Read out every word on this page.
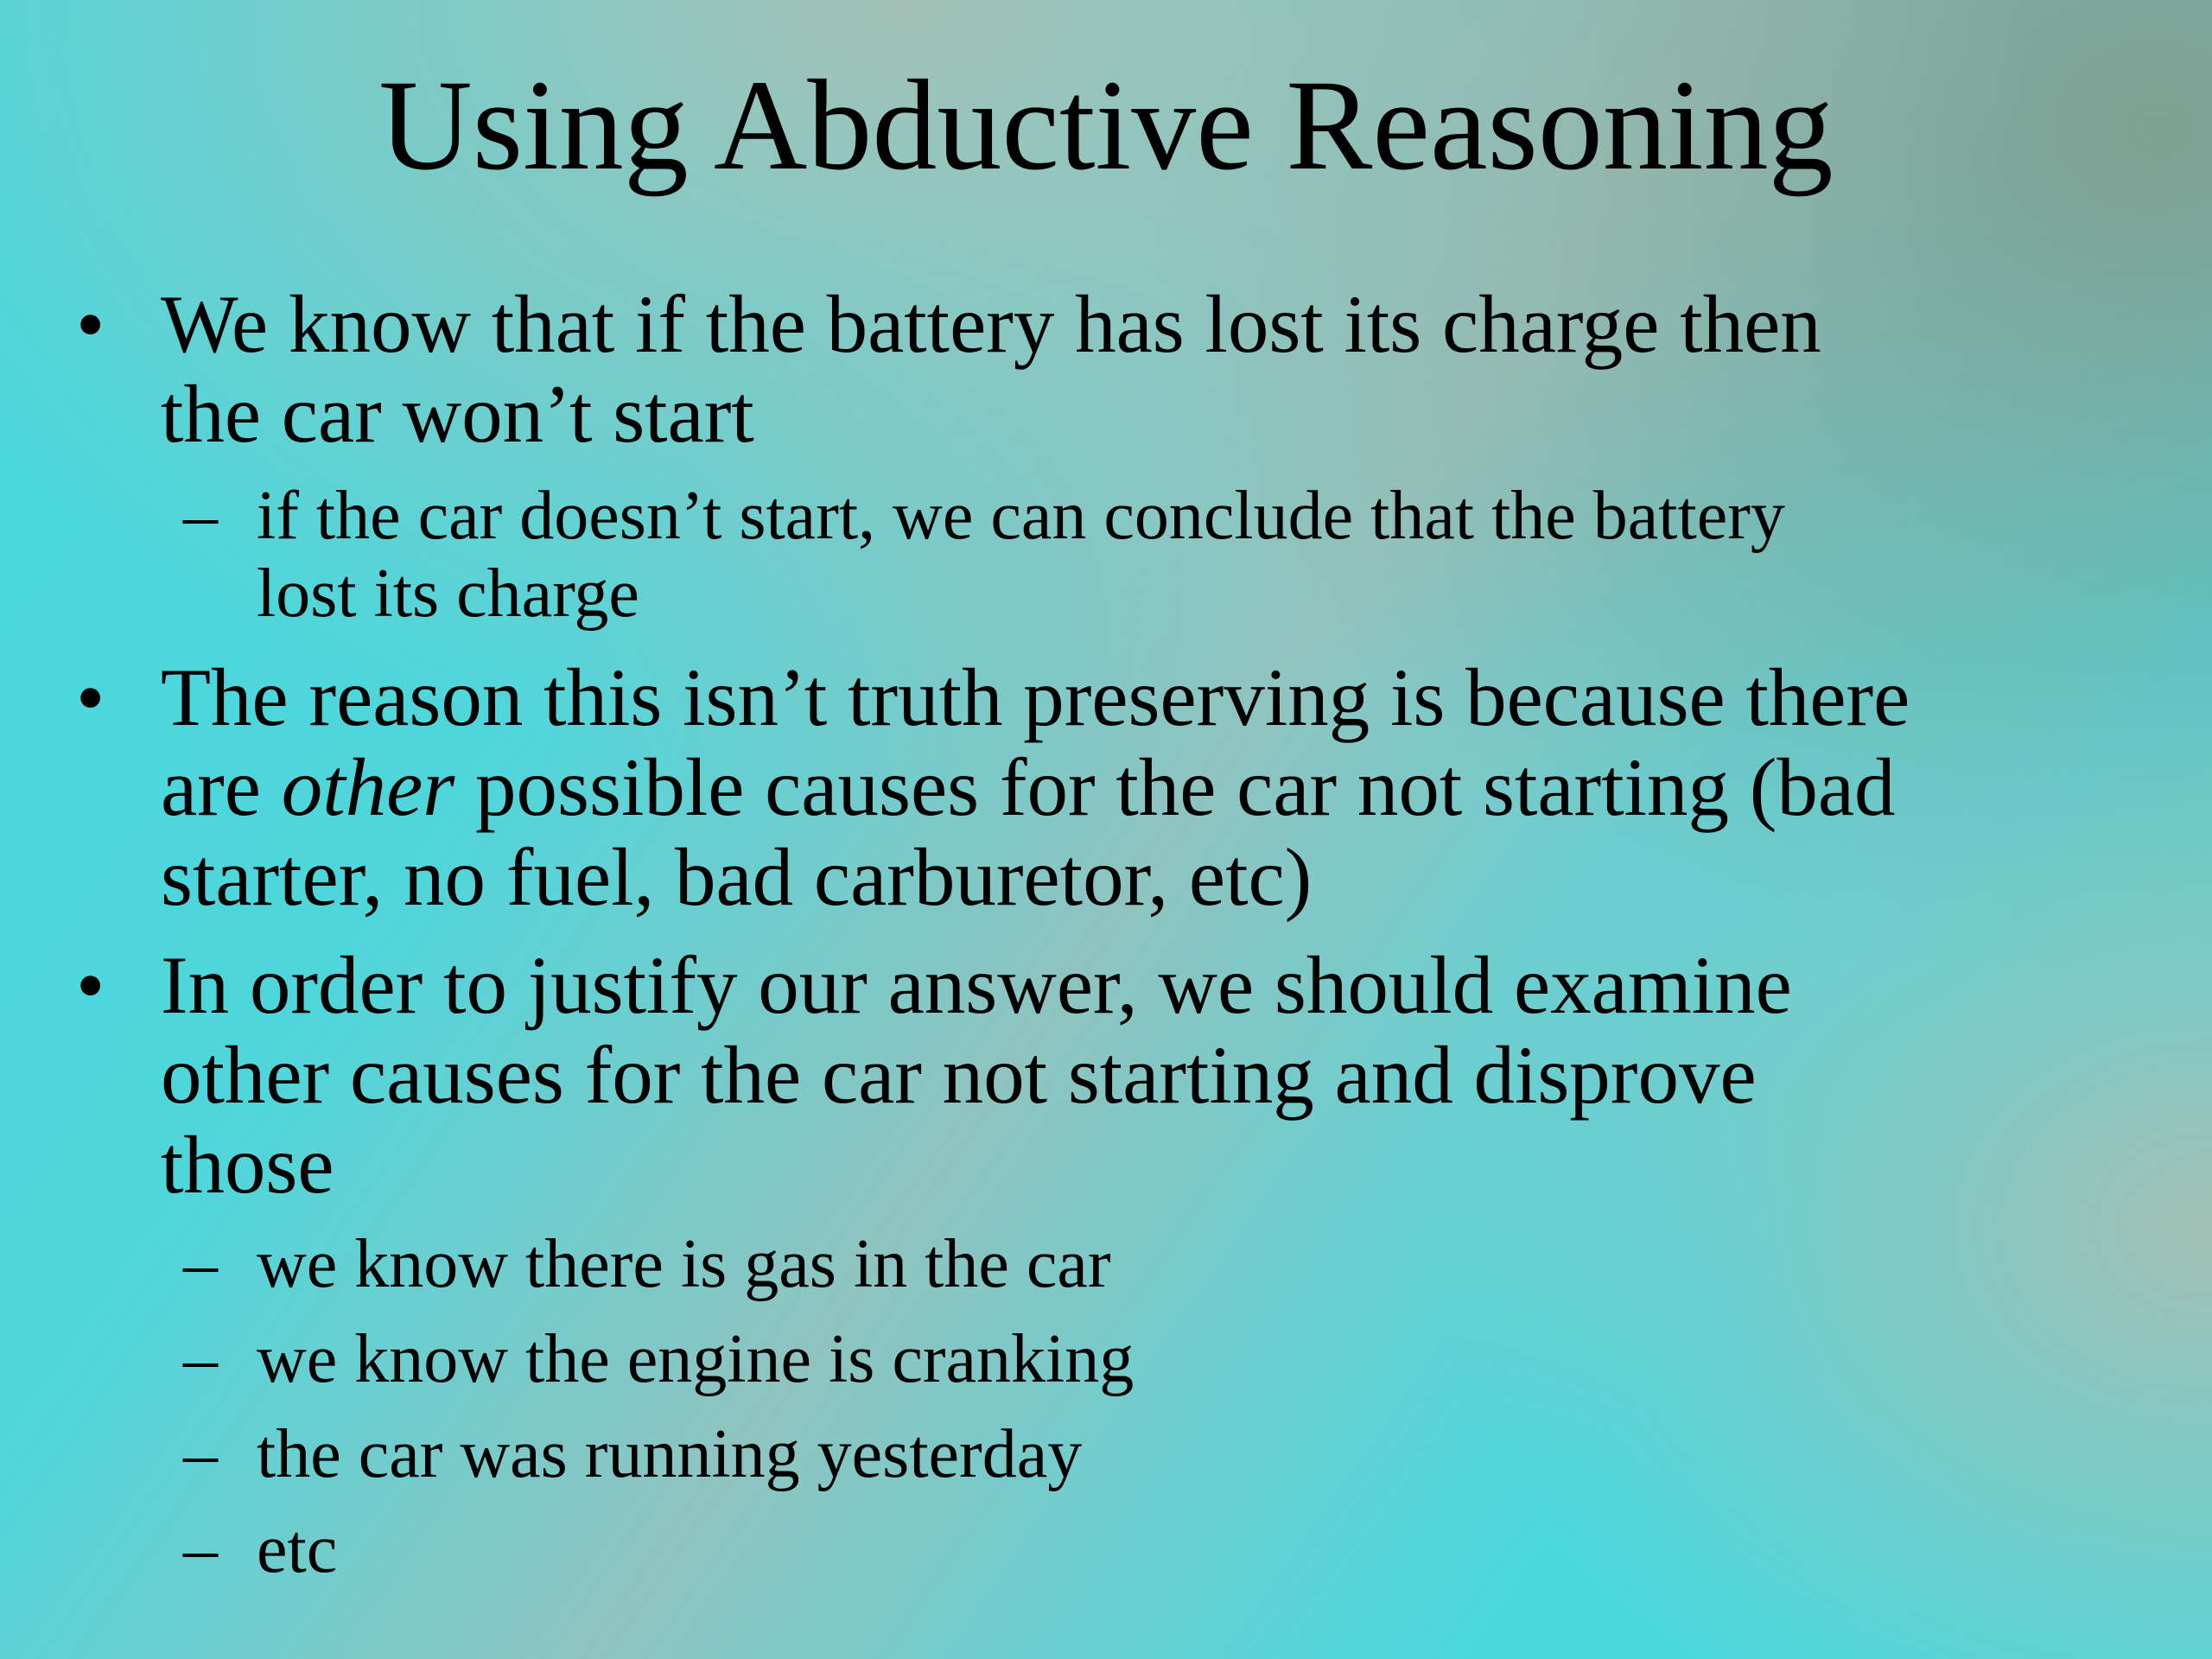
Using Abductive Reasoning
• We know that if the battery has lost its charge then
the car won’t start
– if the car doesn’t start, we can conclude that the battery
lost its charge
• The reason this isn’t truth preserving is because there
are other possible causes for the car not starting (bad
starter, no fuel, bad carburetor, etc)
• In order to justify our answer, we should examine
other causes for the car not starting and disprove
those
– we know there is gas in the car
– we know the engine is cranking
– the car was running yesterday
– etc
